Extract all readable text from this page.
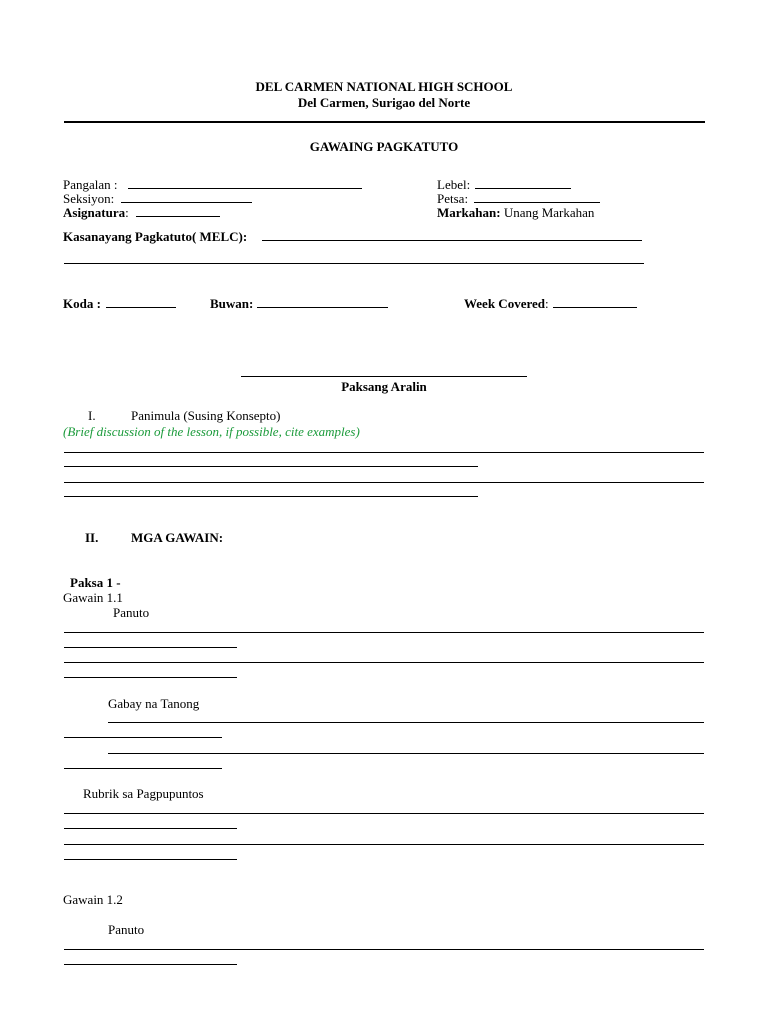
DEL CARMEN NATIONAL HIGH SCHOOL
Del Carmen, Surigao del Norte
GAWAING PAGKATUTO
Pangalan :	Lebel:
Seksiyon:	Petsa:
Asignatura:	Markahan: Unang Markahan
Kasanayang Pagkatuto( MELC):
Koda :	Buwan:	Week Covered:
Paksang Aralin
I.	Panimula (Susing Konsepto)
(Brief discussion of the lesson, if possible, cite examples)
II.	MGA GAWAIN:
Paksa 1 -
Gawain 1.1
Panuto
Gabay na Tanong
Rubrik sa Pagpupuntos
Gawain 1.2
Panuto
